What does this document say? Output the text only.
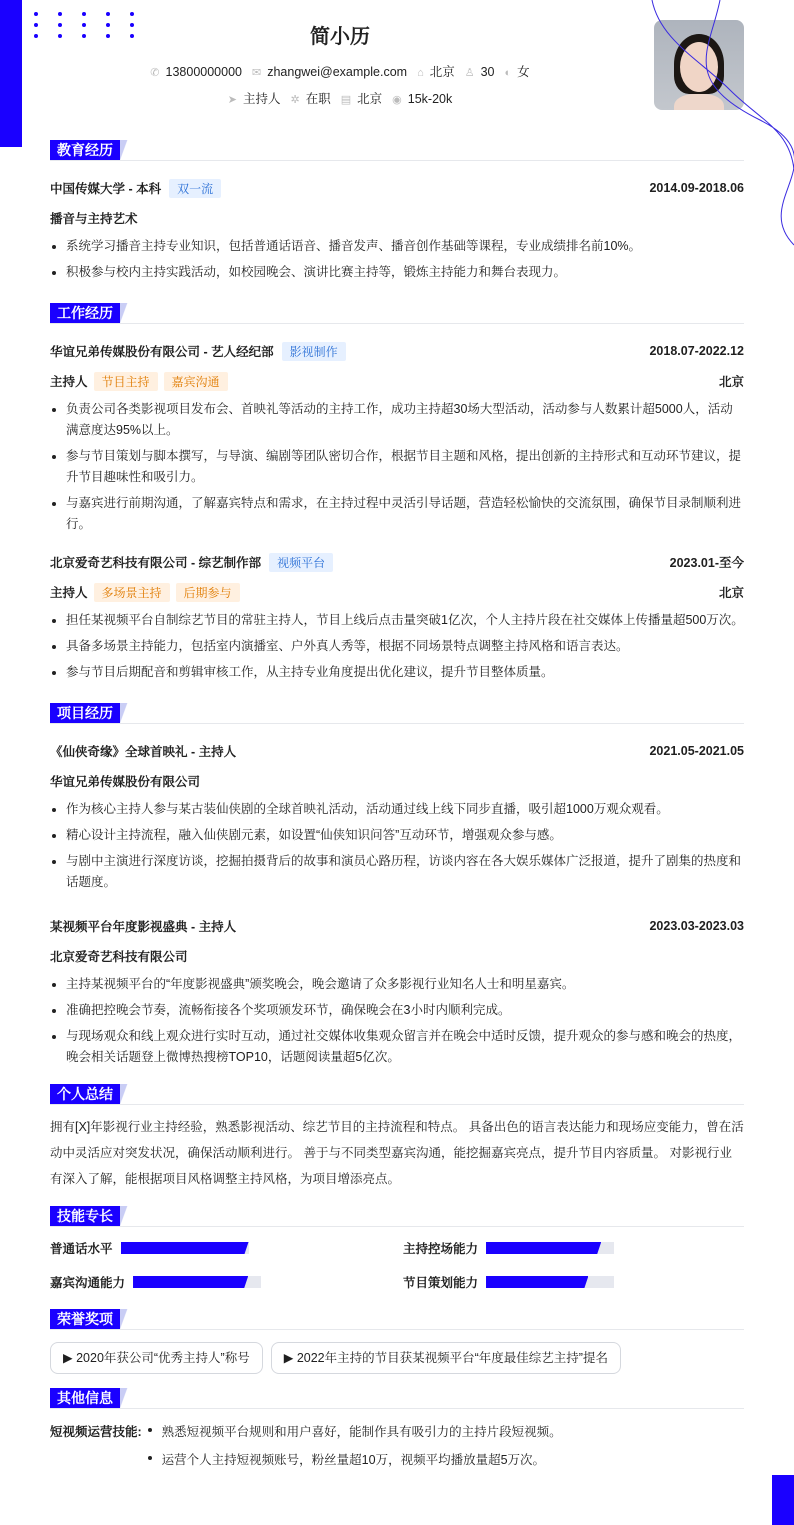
简小历
✆ 13800000000 ✉ zhangwei@example.com ⌂ 北京 ♙ 30 ◐ 女
➤ 主持人 ✲ 在职 ▤ 北京 ◉ 15k-20k
教育经历
中国传媒大学 - 本科 双一流	2014.09-2018.06
播音与主持艺术
系统学习播音主持专业知识，包括普通话语音、播音发声、播音创作基础等课程，专业成绩排名前10%。
积极参与校内主持实践活动，如校园晚会、演讲比赛主持等，锻炼主持能力和舞台表现力。
工作经历
华谊兄弟传媒股份有限公司 - 艺人经纪部 影视制作	2018.07-2022.12
主持人 节目主持 嘉宾沟通	北京
负责公司各类影视项目发布会、首映礼等活动的主持工作，成功主持超30场大型活动，活动参与人数累计超5000人，活动满意度达95%以上。
参与节目策划与脚本撰写，与导演、编剧等团队密切合作，根据节目主题和风格，提出创新的主持形式和互动环节建议，提升节目趣味性和吸引力。
与嘉宾进行前期沟通，了解嘉宾特点和需求，在主持过程中灵活引导话题，营造轻松愉快的交流氛围，确保节目录制顺利进行。
北京爱奇艺科技有限公司 - 综艺制作部 视频平台	2023.01-至今
主持人 多场景主持 后期参与	北京
担任某视频平台自制综艺节目的常驻主持人，节目上线后点击量突破1亿次，个人主持片段在社交媒体上传播量超500万次。
具备多场景主持能力，包括室内演播室、户外真人秀等，根据不同场景特点调整主持风格和语言表达。
参与节目后期配音和剪辑审核工作，从主持专业角度提出优化建议，提升节目整体质量。
项目经历
《仙侠奇缘》全球首映礼 - 主持人	2021.05-2021.05
华谊兄弟传媒股份有限公司
作为核心主持人参与某古装仙侠剧的全球首映礼活动，活动通过线上线下同步直播，吸引超1000万观众观看。
精心设计主持流程，融入仙侠剧元素，如设置“仙侠知识问答”互动环节，增强观众参与感。
与剧中主演进行深度访谈，挖掘拍摄背后的故事和演员心路历程，访谈内容在各大娱乐媒体广泛报道，提升了剧集的热度和话题度。
某视频平台年度影视盛典 - 主持人	2023.03-2023.03
北京爱奇艺科技有限公司
主持某视频平台的“年度影视盛典”颁奖晚会，晚会邀请了众多影视行业知名人士和明星嘉宾。
准确把控晚会节奏，流畅衔接各个奖项颁发环节，确保晚会在3小时内顺利完成。
与现场观众和线上观众进行实时互动，通过社交媒体收集观众留言并在晚会中适时反馈，提升观众的参与感和晚会的热度，晚会相关话题登上微博热搜榜TOP10，话题阅读量超5亿次。
个人总结
拥有[X]年影视行业主持经验，熟悉影视活动、综艺节目的主持流程和特点。 具备出色的语言表达能力和现场应变能力，曾在活动中灵活应对突发状况，确保活动顺利进行。 善于与不同类型嘉宾沟通，能挖掘嘉宾亮点，提升节目内容质量。 对影视行业有深入了解，能根据项目风格调整主持风格，为项目增添亮点。
技能专长
普通话水平	主持控场能力
嘉宾沟通能力	节目策划能力
荣誉奖项
▶ 2020年获公司“优秀主持人”称号	▶ 2022年主持的节目获某视频平台“年度最佳综艺主持”提名
其他信息
短视频运营技能:	熟悉短视频平台规则和用户喜好，能制作具有吸引力的主持片段短视频。
运营个人主持短视频账号，粉丝量超10万，视频平均播放量超5万次。
